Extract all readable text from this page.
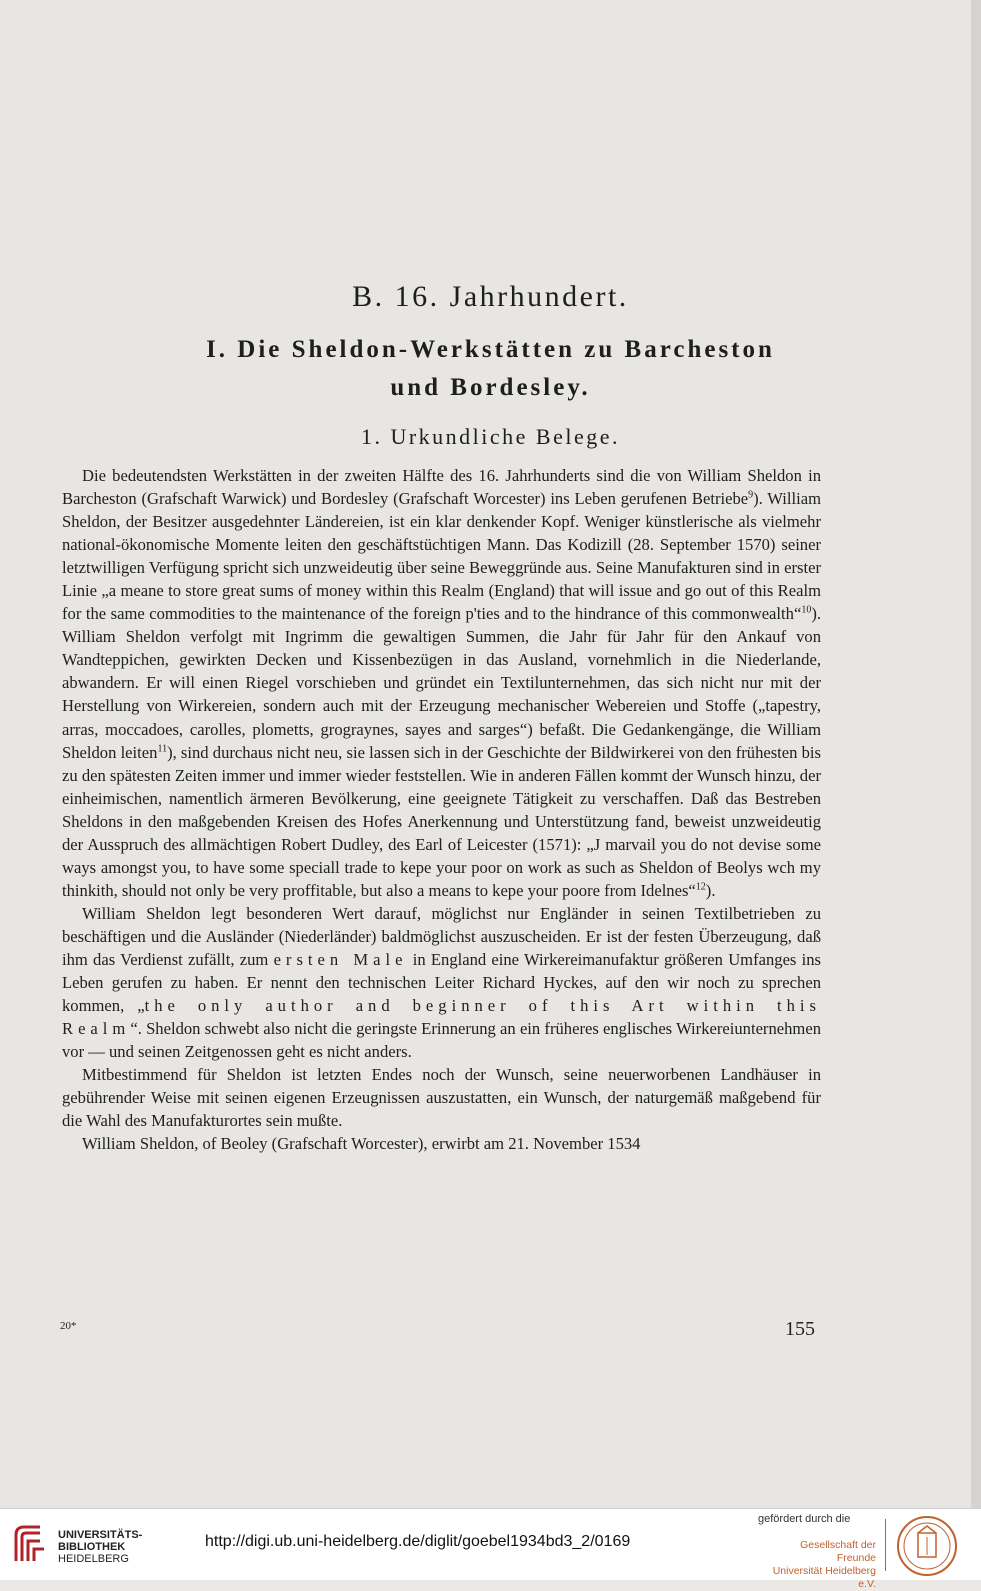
B. 16. Jahrhundert.
I. Die Sheldon-Werkstätten zu Barcheston
und Bordesley.
1. Urkundliche Belege.

Die bedeutendsten Werkstätten in der zweiten Hälfte des 16. Jahrhunderts sind die von William Sheldon in Barcheston (Grafschaft Warwick) und Bordesley (Grafschaft Worcester) ins Leben gerufenen Betriebe$^9$). William Sheldon, der Besitzer ausgedehnter Ländereien, ist ein klar denkender Kopf. Weniger künstlerische als vielmehr national-ökonomische Momente leiten den geschäftstüchtigen Mann. Das Kodizill (28. September 1570) seiner letztwilligen Verfügung spricht sich unzweideutig über seine Beweggründe aus. Seine Manufakturen sind in erster Linie „a meane to store great sums of money within this Realm (England) that will issue and go out of this Realm for the same commodities to the maintenance of the foreign p'ties and to the hindrance of this commonwealth“$^{10}$). William Sheldon verfolgt mit Ingrimm die gewaltigen Summen, die Jahr für Jahr für den Ankauf von Wandteppichen, gewirkten Decken und Kissenbezügen in das Ausland, vornehmlich in die Niederlande, abwandern. Er will einen Riegel vorschieben und gründet ein Textilunternehmen, das sich nicht nur mit der Herstellung von Wirkereien, sondern auch mit der Erzeugung mechanischer Webereien und Stoffe („tapestry, arras, moccadoes, carolles, plometts, grograynes, sayes and sarges“) befaßt. Die Gedankengänge, die William Sheldon leiten$^{11}$), sind durchaus nicht neu, sie lassen sich in der Geschichte der Bildwirkerei von den frühesten bis zu den spätesten Zeiten immer und immer wieder feststellen. Wie in anderen Fällen kommt der Wunsch hinzu, der einheimischen, namentlich ärmeren Bevölkerung, eine geeignete Tätigkeit zu verschaffen. Daß das Bestreben Sheldons in den maßgebenden Kreisen des Hofes Anerkennung und Unterstützung fand, beweist unzweideutig der Ausspruch des allmächtigen Robert Dudley, des Earl of Leicester (1571): „J marvail you do not devise some ways amongst you, to have some speciall trade to kepe your poor on work as such as Sheldon of Beolys wch my thinkith, should not only be very proffitable, but also a means to kepe your poore from Idelnes“$^{12}$).

William Sheldon legt besonderen Wert darauf, möglichst nur Engländer in seinen Textilbetrieben zu beschäftigen und die Ausländer (Niederländer) baldmöglichst auszuscheiden. Er ist der festen Überzeugung, daß ihm das Verdienst zufällt, zum ersten Male in England eine Wirkereimanufaktur größeren Umfanges ins Leben gerufen zu haben. Er nennt den technischen Leiter Richard Hyckes, auf den wir noch zu sprechen kommen, „the only author and beginner of this Art within this Realm“. Sheldon schwebt also nicht die geringste Erinnerung an ein früheres englisches Wirkereiunternehmen vor — und seinen Zeitgenossen geht es nicht anders.

Mitbestimmend für Sheldon ist letzten Endes noch der Wunsch, seine neuerworbenen Landhäuser in gebührender Weise mit seinen eigenen Erzeugnissen auszustatten, ein Wunsch, der naturgemäß maßgebend für die Wahl des Manufakturortes sein mußte.

William Sheldon, of Beoley (Grafschaft Worcester), erwirbt am 21. November 1534

20*	155
UNIVERSITÄTS-
BIBLIOTHEK
HEIDELBERG
http://digi.ub.uni-heidelberg.de/diglit/goebel1934bd3_2/0169
gefördert durch die
Gesellschaft der Freunde
Universität Heidelberg e.V.
